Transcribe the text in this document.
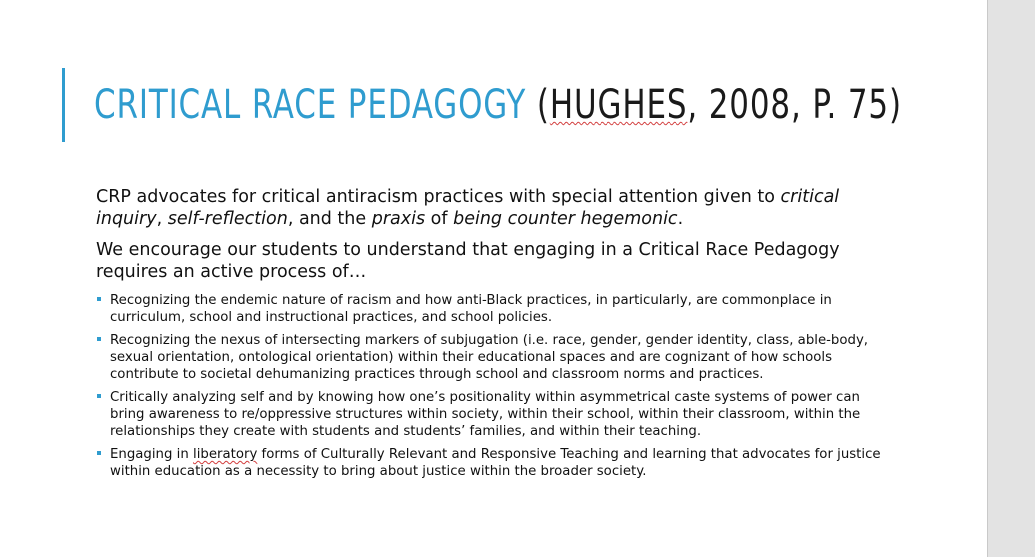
CRITICAL RACE PEDAGOGY (HUGHES, 2008, P. 75)

CRP advocates for critical antiracism practices with special attention given to critical inquiry, self-reflection, and the praxis of being counter hegemonic.

We encourage our students to understand that engaging in a Critical Race Pedagogy requires an active process of…

Recognizing the endemic nature of racism and how anti-Black practices, in particularly, are commonplace in curriculum, school and instructional practices, and school policies.
Recognizing the nexus of intersecting markers of subjugation (i.e. race, gender, gender identity, class, able-body, sexual orientation, ontological orientation) within their educational spaces and are cognizant of how schools contribute to societal dehumanizing practices through school and classroom norms and practices.
Critically analyzing self and by knowing how one’s positionality within asymmetrical caste systems of power can bring awareness to re/oppressive structures within society, within their school, within their classroom, within the relationships they create with students and students’ families, and within their teaching.
Engaging in liberatory forms of Culturally Relevant and Responsive Teaching and learning that advocates for justice within education as a necessity to bring about justice within the broader society.
